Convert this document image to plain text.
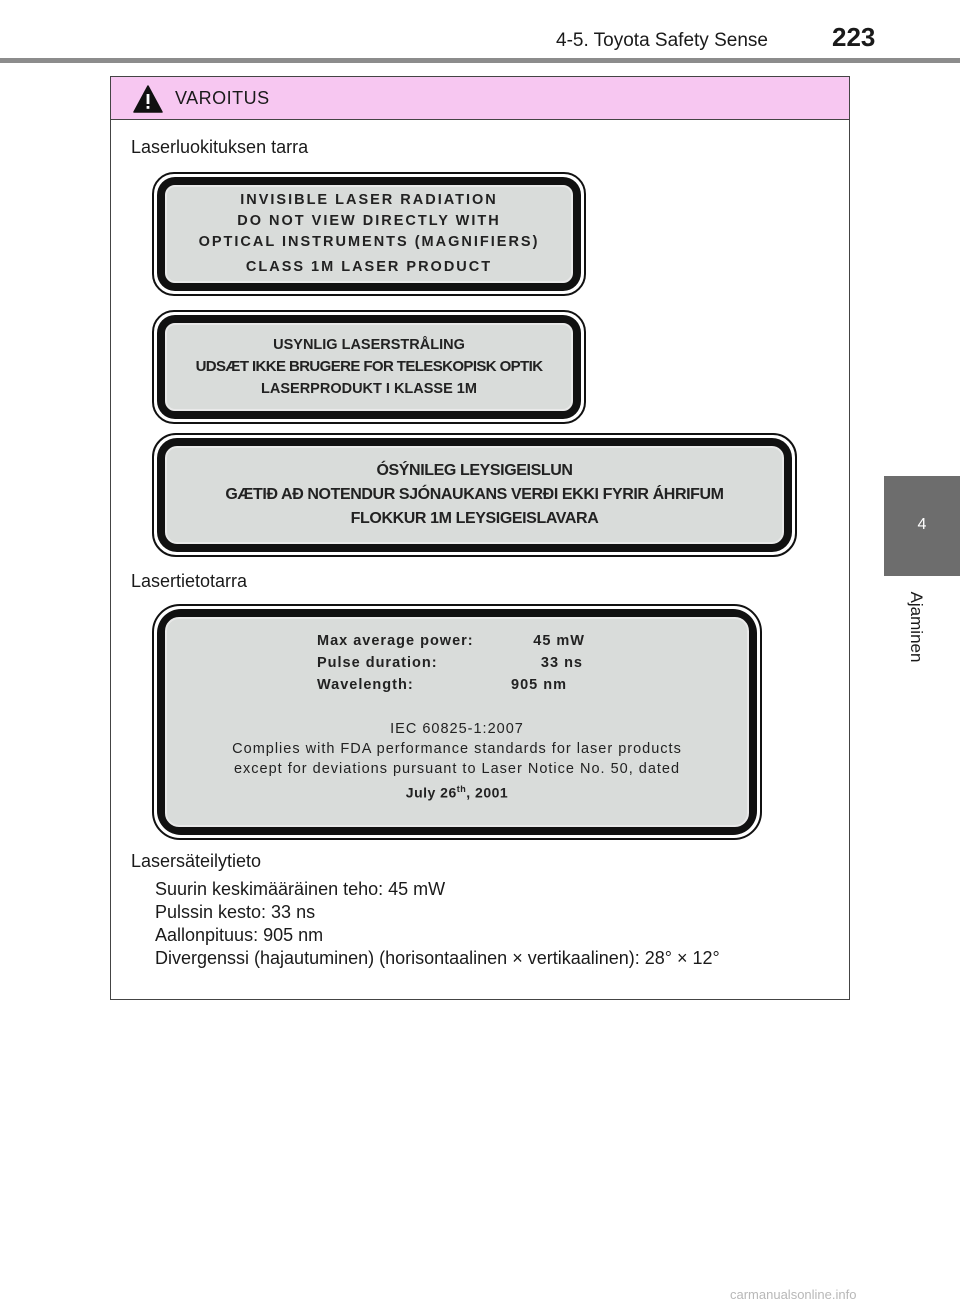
4-5. Toyota Safety Sense 223
4
Ajaminen
VAROITUS
Laserluokituksen tarra
INVISIBLE LASER RADIATION
DO NOT VIEW DIRECTLY WITH
OPTICAL INSTRUMENTS (MAGNIFIERS)
CLASS 1M LASER PRODUCT
USYNLIG LASERSTRÅLING
UDSÆT IKKE BRUGERE FOR TELESKOPISK OPTIK
LASERPRODUKT I KLASSE 1M
ÓSÝNILEG LEYSIGEISLUN
GÆTIÐ AÐ NOTENDUR SJÓNAUKANS VERÐI EKKI FYRIR ÁHRIFUM
FLOKKUR 1M LEYSIGEISLAVARA
Lasertietotarra
Max average power:	45 mW
Pulse duration:	33 ns
Wavelength:	905 nm
IEC 60825-1:2007
Complies with FDA performance standards for laser products
except for deviations pursuant to Laser Notice No. 50, dated
July 26th, 2001
Lasersäteilytieto
Suurin keskimääräinen teho: 45 mW
Pulssin kesto: 33 ns
Aallonpituus: 905 nm
Divergenssi (hajautuminen) (horisontaalinen × vertikaalinen): 28° × 12°
carmanualsonline.info
